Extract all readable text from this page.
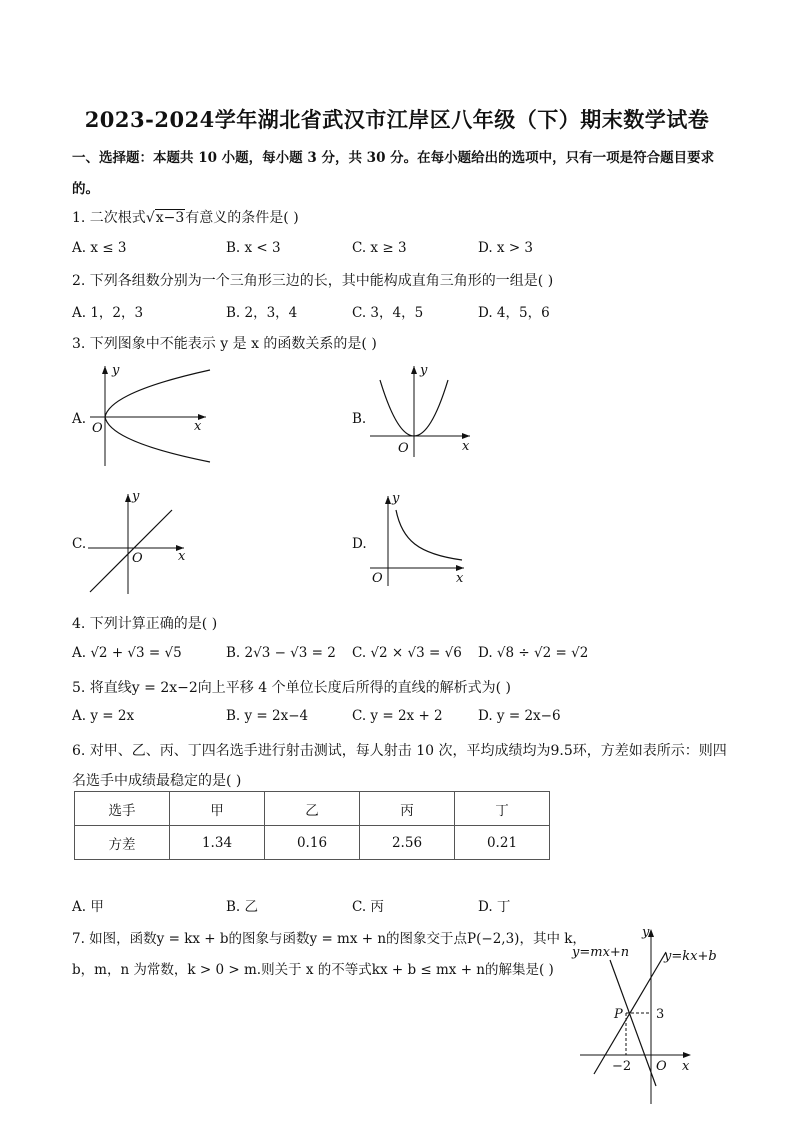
2023-2024学年湖北省武汉市江岸区八年级（下）期末数学试卷
一、选择题：本题共 10 小题，每小题 3 分，共 30 分。在每小题给出的选项中，只有一项是符合题目要求
的。
1. 二次根式√x−3有意义的条件是( )
A. x ≤ 3	B. x < 3	C. x ≥ 3	D. x > 3
2. 下列各组数分别为一个三角形三边的长，其中能构成直角三角形的一组是( )
A. 1，2，3	B. 2，3，4	C. 3，4，5	D. 4，5，6
3. 下列图象中不能表示 y 是 x 的函数关系的是( )
A.
y
x
O
B.
y
x
O
C.
y
x
O
D.
y
x
O
4. 下列计算正确的是( )
A. √2 + √3 = √5	B. 2√3 − √3 = 2 C. √2 × √3 = √6 D. √8 ÷ √2 = √2
5. 将直线y = 2x−2向上平移 4 个单位长度后所得的直线的解析式为( )
A. y = 2x	B. y = 2x−4	C. y = 2x + 2	D. y = 2x−6
6. 对甲、乙、丙、丁四名选手进行射击测试，每人射击 10 次，平均成绩均为9.5环，方差如表所示：则四
名选手中成绩最稳定的是( )
选手	甲	乙	丙	丁
方差	1.34	0.16	2.56	0.21
A. 甲	B. 乙	C. 丙	D. 丁
7. 如图，函数y = kx + b的图象与函数y = mx + n的图象交于点P(−2,3)，其中 k，
b，m，n 为常数，k > 0 > m.则关于 x 的不等式kx + b ≤ mx + n的解集是( )
y=mx+n	y=kx+b
y
x
P	3
−2 O
